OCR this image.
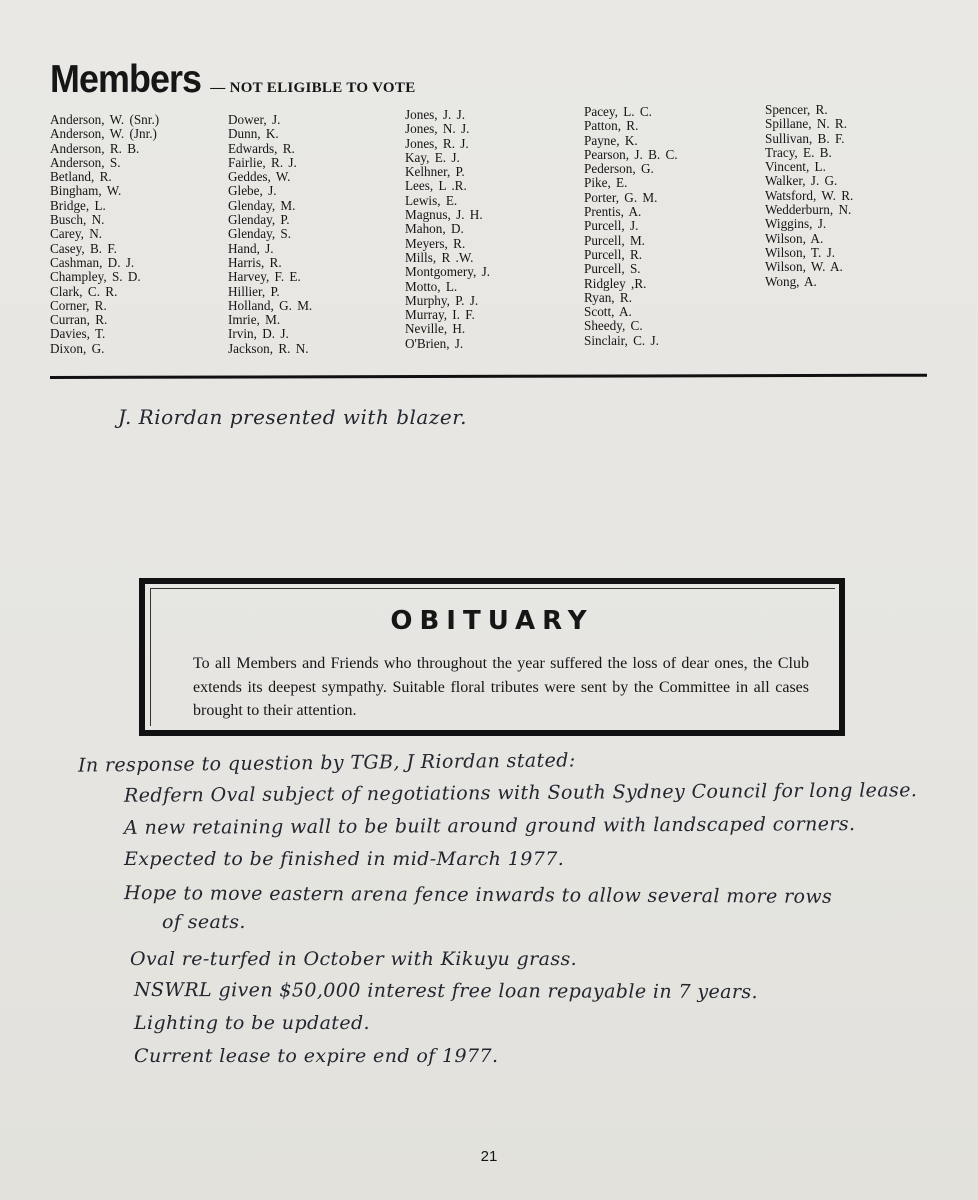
Members — NOT ELIGIBLE TO VOTE
Anderson, W. (Snr.)
Anderson, W. (Jnr.)
Anderson, R. B.
Anderson, S.
Betland, R.
Bingham, W.
Bridge, L.
Busch, N.
Carey, N.
Casey, B. F.
Cashman, D. J.
Champley, S. D.
Clark, C. R.
Corner, R.
Curran, R.
Davies, T.
Dixon, G.
Dower, J.
Dunn, K.
Edwards, R.
Fairlie, R. J.
Geddes, W.
Glebe, J.
Glenday, M.
Glenday, P.
Glenday, S.
Hand, J.
Harris, R.
Harvey, F. E.
Hillier, P.
Holland, G. M.
Imrie, M.
Irvin, D. J.
Jackson, R. N.
Jones, J. J.
Jones, N. J.
Jones, R. J.
Kay, E. J.
Kelhner, P.
Lees, L .R.
Lewis, E.
Magnus, J. H.
Mahon, D.
Meyers, R.
Mills, R .W.
Montgomery, J.
Motto, L.
Murphy, P. J.
Murray, I. F.
Neville, H.
O'Brien, J.
Pacey, L. C.
Patton, R.
Payne, K.
Pearson, J. B. C.
Pederson, G.
Pike, E.
Porter, G. M.
Prentis, A.
Purcell, J.
Purcell, M.
Purcell, R.
Purcell, S.
Ridgley ,R.
Ryan, R.
Scott, A.
Sheedy, C.
Sinclair, C. J.
Spencer, R.
Spillane, N. R.
Sullivan, B. F.
Tracy, E. B.
Vincent, L.
Walker, J. G.
Watsford, W. R.
Wedderburn, N.
Wiggins, J.
Wilson, A.
Wilson, T. J.
Wilson, W. A.
Wong, A.

J. Riordan presented with blazer.

OBITUARY

To all Members and Friends who throughout the year suffered the loss of dear ones, the Club extends its deepest sympathy. Suitable floral tributes were sent by the Committee in all cases brought to their attention.

In response to question by TGB, J Riordan stated:

Redfern Oval subject of negotiations with South Sydney Council for long lease.

A new retaining wall to be built around ground with landscaped corners.

Expected to be finished in mid-March 1977.

Hope to move eastern arena fence inwards to allow several more rows

of seats.

Oval re-turfed in October with Kikuyu grass.

NSWRL given $50,000 interest free loan repayable in 7 years.

Lighting to be updated.

Current lease to expire end of 1977.

21
